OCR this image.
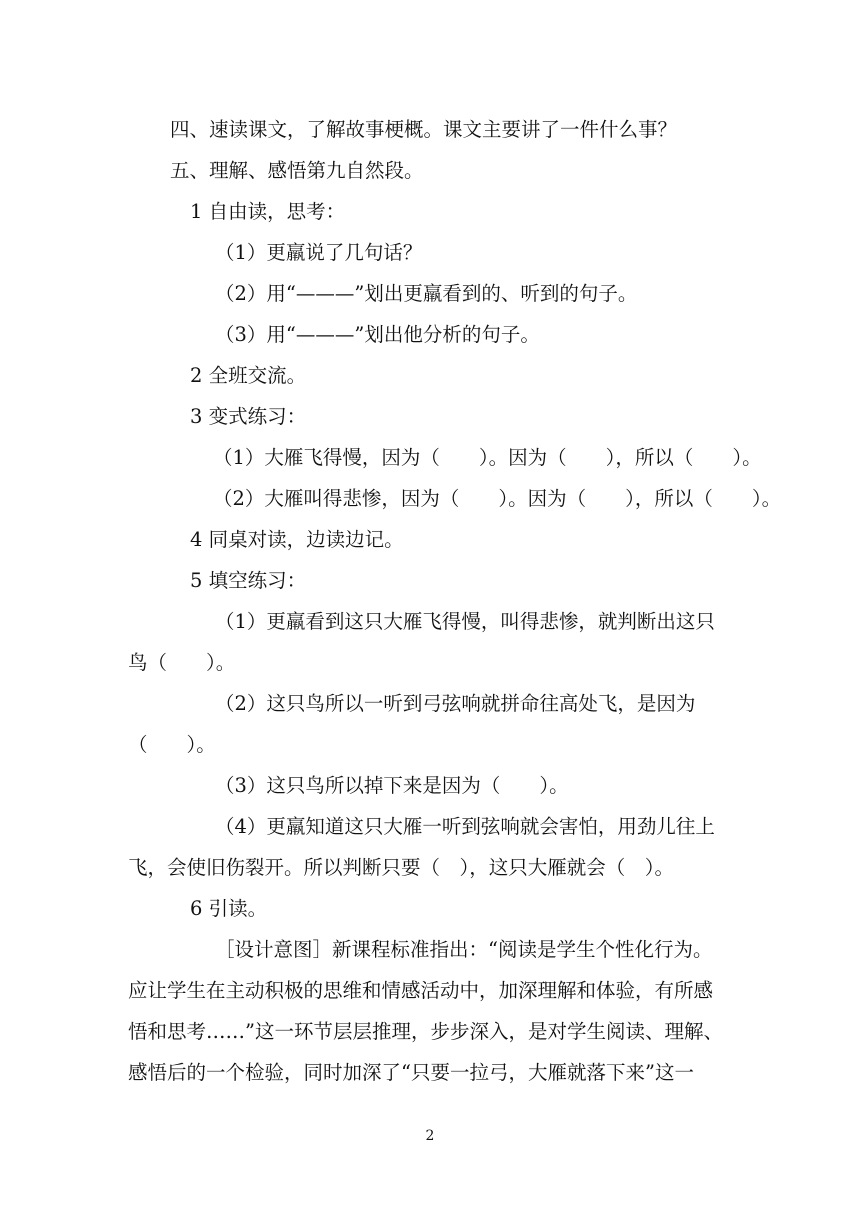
四、速读课文，了解故事梗概。课文主要讲了一件什么事？
五、理解、感悟第九自然段。
1 自由读，思考：
（1）更羸说了几句话？
（2）用“———”划出更羸看到的、听到的句子。
（3）用“———”划出他分析的句子。
2 全班交流。
3 变式练习：
（1）大雁飞得慢，因为（　　）。因为（　　），所以（　　）。
（2）大雁叫得悲惨，因为（　　）。因为（　　），所以（　　）。
4 同桌对读，边读边记。
5 填空练习：
（1）更羸看到这只大雁飞得慢，叫得悲惨，就判断出这只
鸟（　　）。
（2）这只鸟所以一听到弓弦响就拼命往高处飞，是因为
（　　）。
（3）这只鸟所以掉下来是因为（　　）。
（4）更羸知道这只大雁一听到弦响就会害怕，用劲儿往上
飞，会使旧伤裂开。所以判断只要（　），这只大雁就会（　）。
6 引读。
［设计意图］新课程标准指出：“阅读是学生个性化行为。
应让学生在主动积极的思维和情感活动中，加深理解和体验，有所感
悟和思考……”这一环节层层推理，步步深入，是对学生阅读、理解、
感悟后的一个检验，同时加深了“只要一拉弓，大雁就落下来”这一
2
